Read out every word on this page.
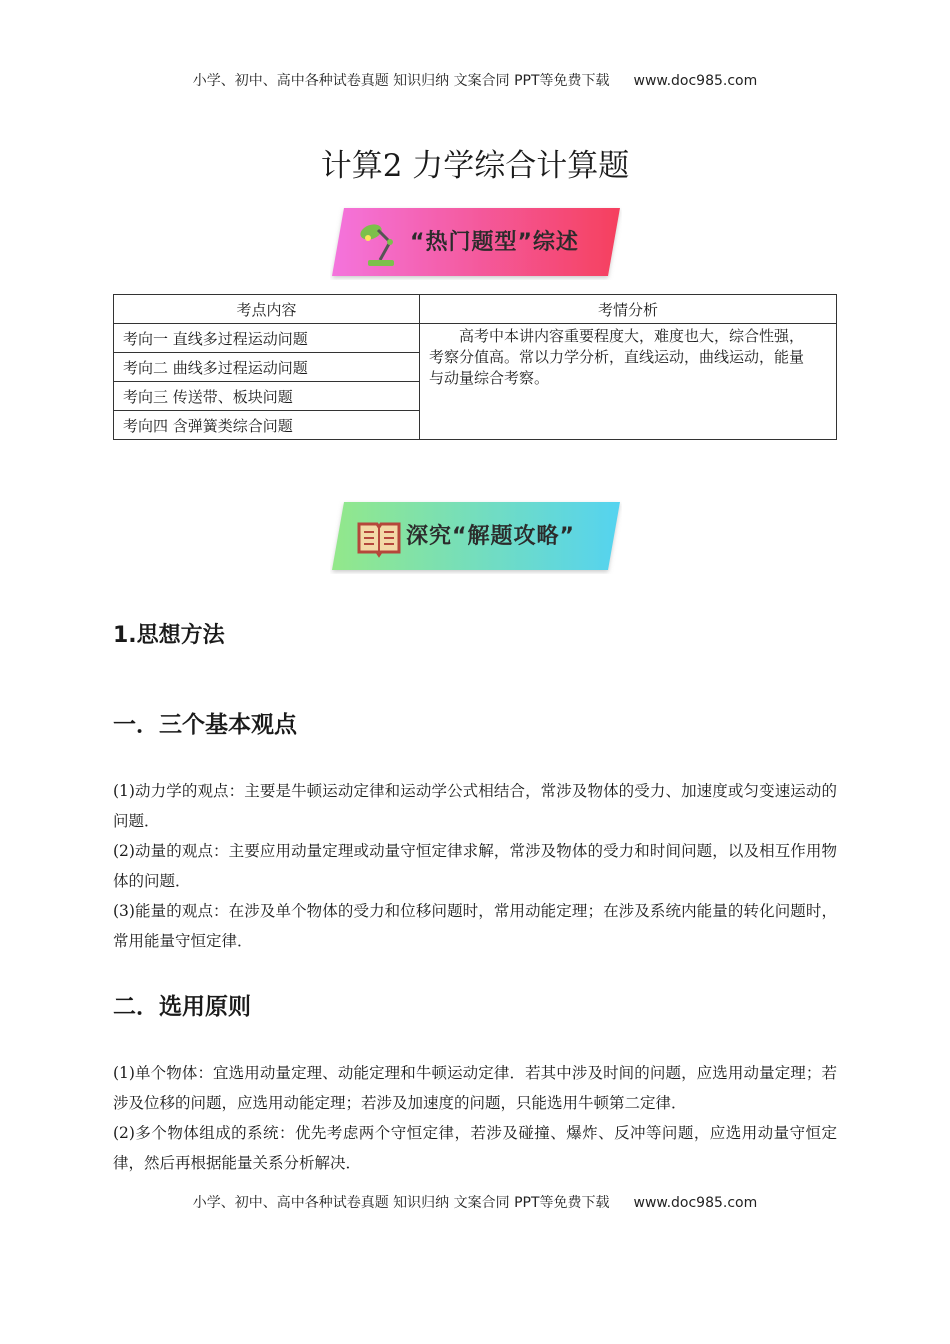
小学、初中、高中各种试卷真题 知识归纳 文案合同 PPT等免费下载 www.doc985.com
计算2 力学综合计算题
“热门题型”综述
考点内容	考情分析
考向一 直线多过程运动问题	高考中本讲内容重要程度大，难度也大，综合性强，考察分值高。常以力学分析，直线运动，曲线运动，能量与动量综合考察。
考向二 曲线多过程运动问题	
考向三 传送带、板块问题	
考向四 含弹簧类综合问题	
深究“解题攻略”
1.思想方法
一．三个基本观点

(1)动力学的观点：主要是牛顿运动定律和运动学公式相结合，常涉及物体的受力、加速度或匀变速运动的问题．

(2)动量的观点：主要应用动量定理或动量守恒定律求解，常涉及物体的受力和时间问题，以及相互作用物体的问题．

(3)能量的观点：在涉及单个物体的受力和位移问题时，常用动能定理；在涉及系统内能量的转化问题时，常用能量守恒定律．

二．选用原则

(1)单个物体：宜选用动量定理、动能定理和牛顿运动定律．若其中涉及时间的问题，应选用动量定理；若涉及位移的问题，应选用动能定理；若涉及加速度的问题，只能选用牛顿第二定律．

(2)多个物体组成的系统：优先考虑两个守恒定律，若涉及碰撞、爆炸、反冲等问题，应选用动量守恒定律，然后再根据能量关系分析解决．

小学、初中、高中各种试卷真题 知识归纳 文案合同 PPT等免费下载 www.doc985.com
